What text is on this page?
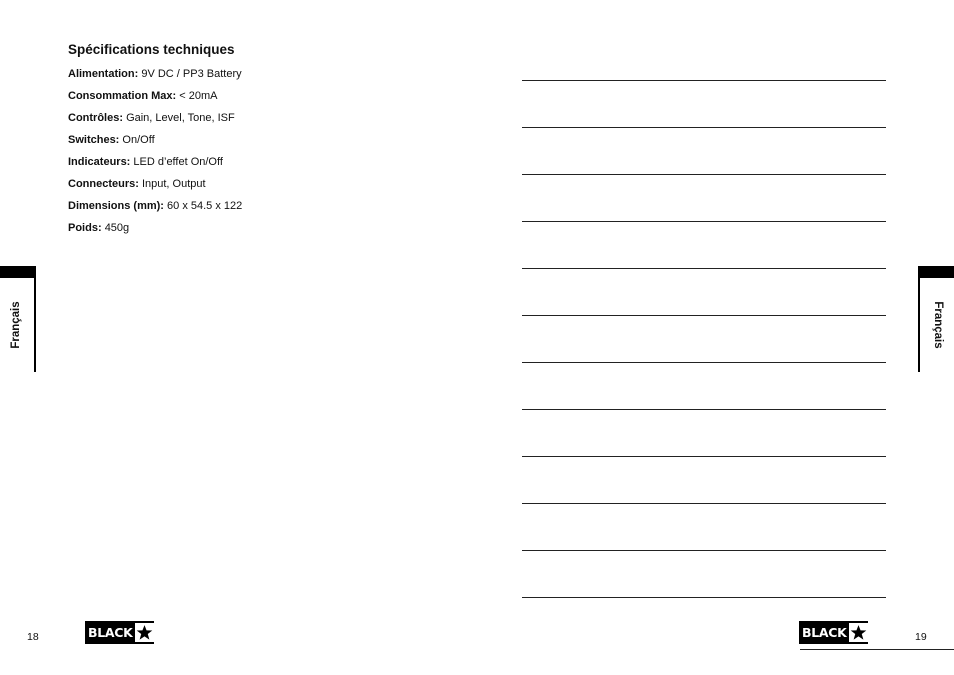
Spécifications techniques
Alimentation: 9V DC / PP3 Battery
Consommation Max: < 20mA
Contrôles: Gain, Level, Tone, ISF
Switches: On/Off
Indicateurs: LED d’effet On/Off
Connecteurs: Input, Output
Dimensions (mm): 60 x 54.5 x 122
Poids: 450g
Français	Français
18	BLACK	BLACK	19
